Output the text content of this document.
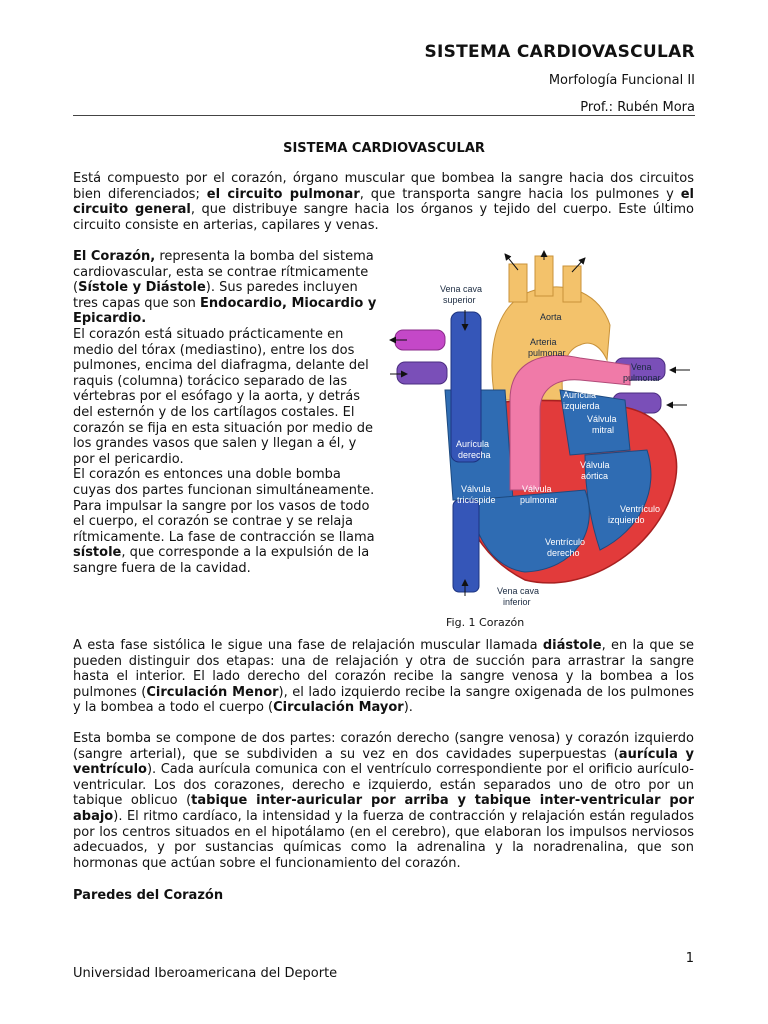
SISTEMA CARDIOVASCULAR
Morfología Funcional II
Prof.: Rubén Mora
SISTEMA CARDIOVASCULAR
Está compuesto por el corazón, órgano muscular que bombea la sangre hacia dos circuitos bien diferenciados; el circuito pulmonar, que transporta sangre hacia los pulmones y el circuito general, que distribuye sangre hacia los órganos y tejido del cuerpo. Este último circuito consiste en arterias, capilares y venas.
El Corazón, representa la bomba del sistema cardiovascular, esta se contrae rítmicamente (Sístole y Diástole). Sus paredes incluyen tres capas que son Endocardio, Miocardio y Epicardio.
El corazón está situado prácticamente en medio del tórax (mediastino), entre los dos pulmones, encima del diafragma, delante del raquis (columna) torácico separado de las vértebras por el esófago y la aorta, y detrás del esternón y de los cartílagos costales. El corazón se fija en esta situación por medio de los grandes vasos que salen y llegan a él, y por el pericardio.
El corazón es entonces una doble bomba cuyas dos partes funcionan simultáneamente. Para impulsar la sangre por los vasos de todo el cuerpo, el corazón se contrae y se relaja rítmicamente. La fase de contracción se llama sístole, que corresponde a la expulsión de la sangre fuera de la cavidad.
Vena cava
superior
Aorta
Arteria
pulmonar
Vena
pulmonar
Aurícula
izquierda
Válvula
mitral
Aurícula
derecha
Válvula
aórtica
Válvula
tricúspide
Válvula
pulmonar
Ventrículo
izquierdo
Ventrículo
derecho
Vena cava
inferior
Fig. 1 Corazón
A esta fase sistólica le sigue una fase de relajación muscular llamada diástole, en la que se pueden distinguir dos etapas: una de relajación y otra de succión para arrastrar la sangre hasta el interior. El lado derecho del corazón recibe la sangre venosa y la bombea a los pulmones (Circulación Menor), el lado izquierdo recibe la sangre oxigenada de los pulmones y la bombea a todo el cuerpo (Circulación Mayor).
Esta bomba se compone de dos partes: corazón derecho (sangre venosa) y corazón izquierdo (sangre arterial), que se subdividen a su vez en dos cavidades superpuestas (aurícula y ventrículo). Cada aurícula comunica con el ventrículo correspondiente por el orificio aurículo-ventricular. Los dos corazones, derecho e izquierdo, están separados uno de otro por un tabique oblicuo (tabique inter-auricular por arriba y tabique inter-ventricular por abajo). El ritmo cardíaco, la intensidad y la fuerza de contracción y relajación están regulados por los centros situados en el hipotálamo (en el cerebro), que elaboran los impulsos nerviosos adecuados, y por sustancias químicas como la adrenalina y la noradrenalina, que son hormonas que actúan sobre el funcionamiento del corazón.
Paredes del Corazón
1
Universidad Iberoamericana del Deporte
